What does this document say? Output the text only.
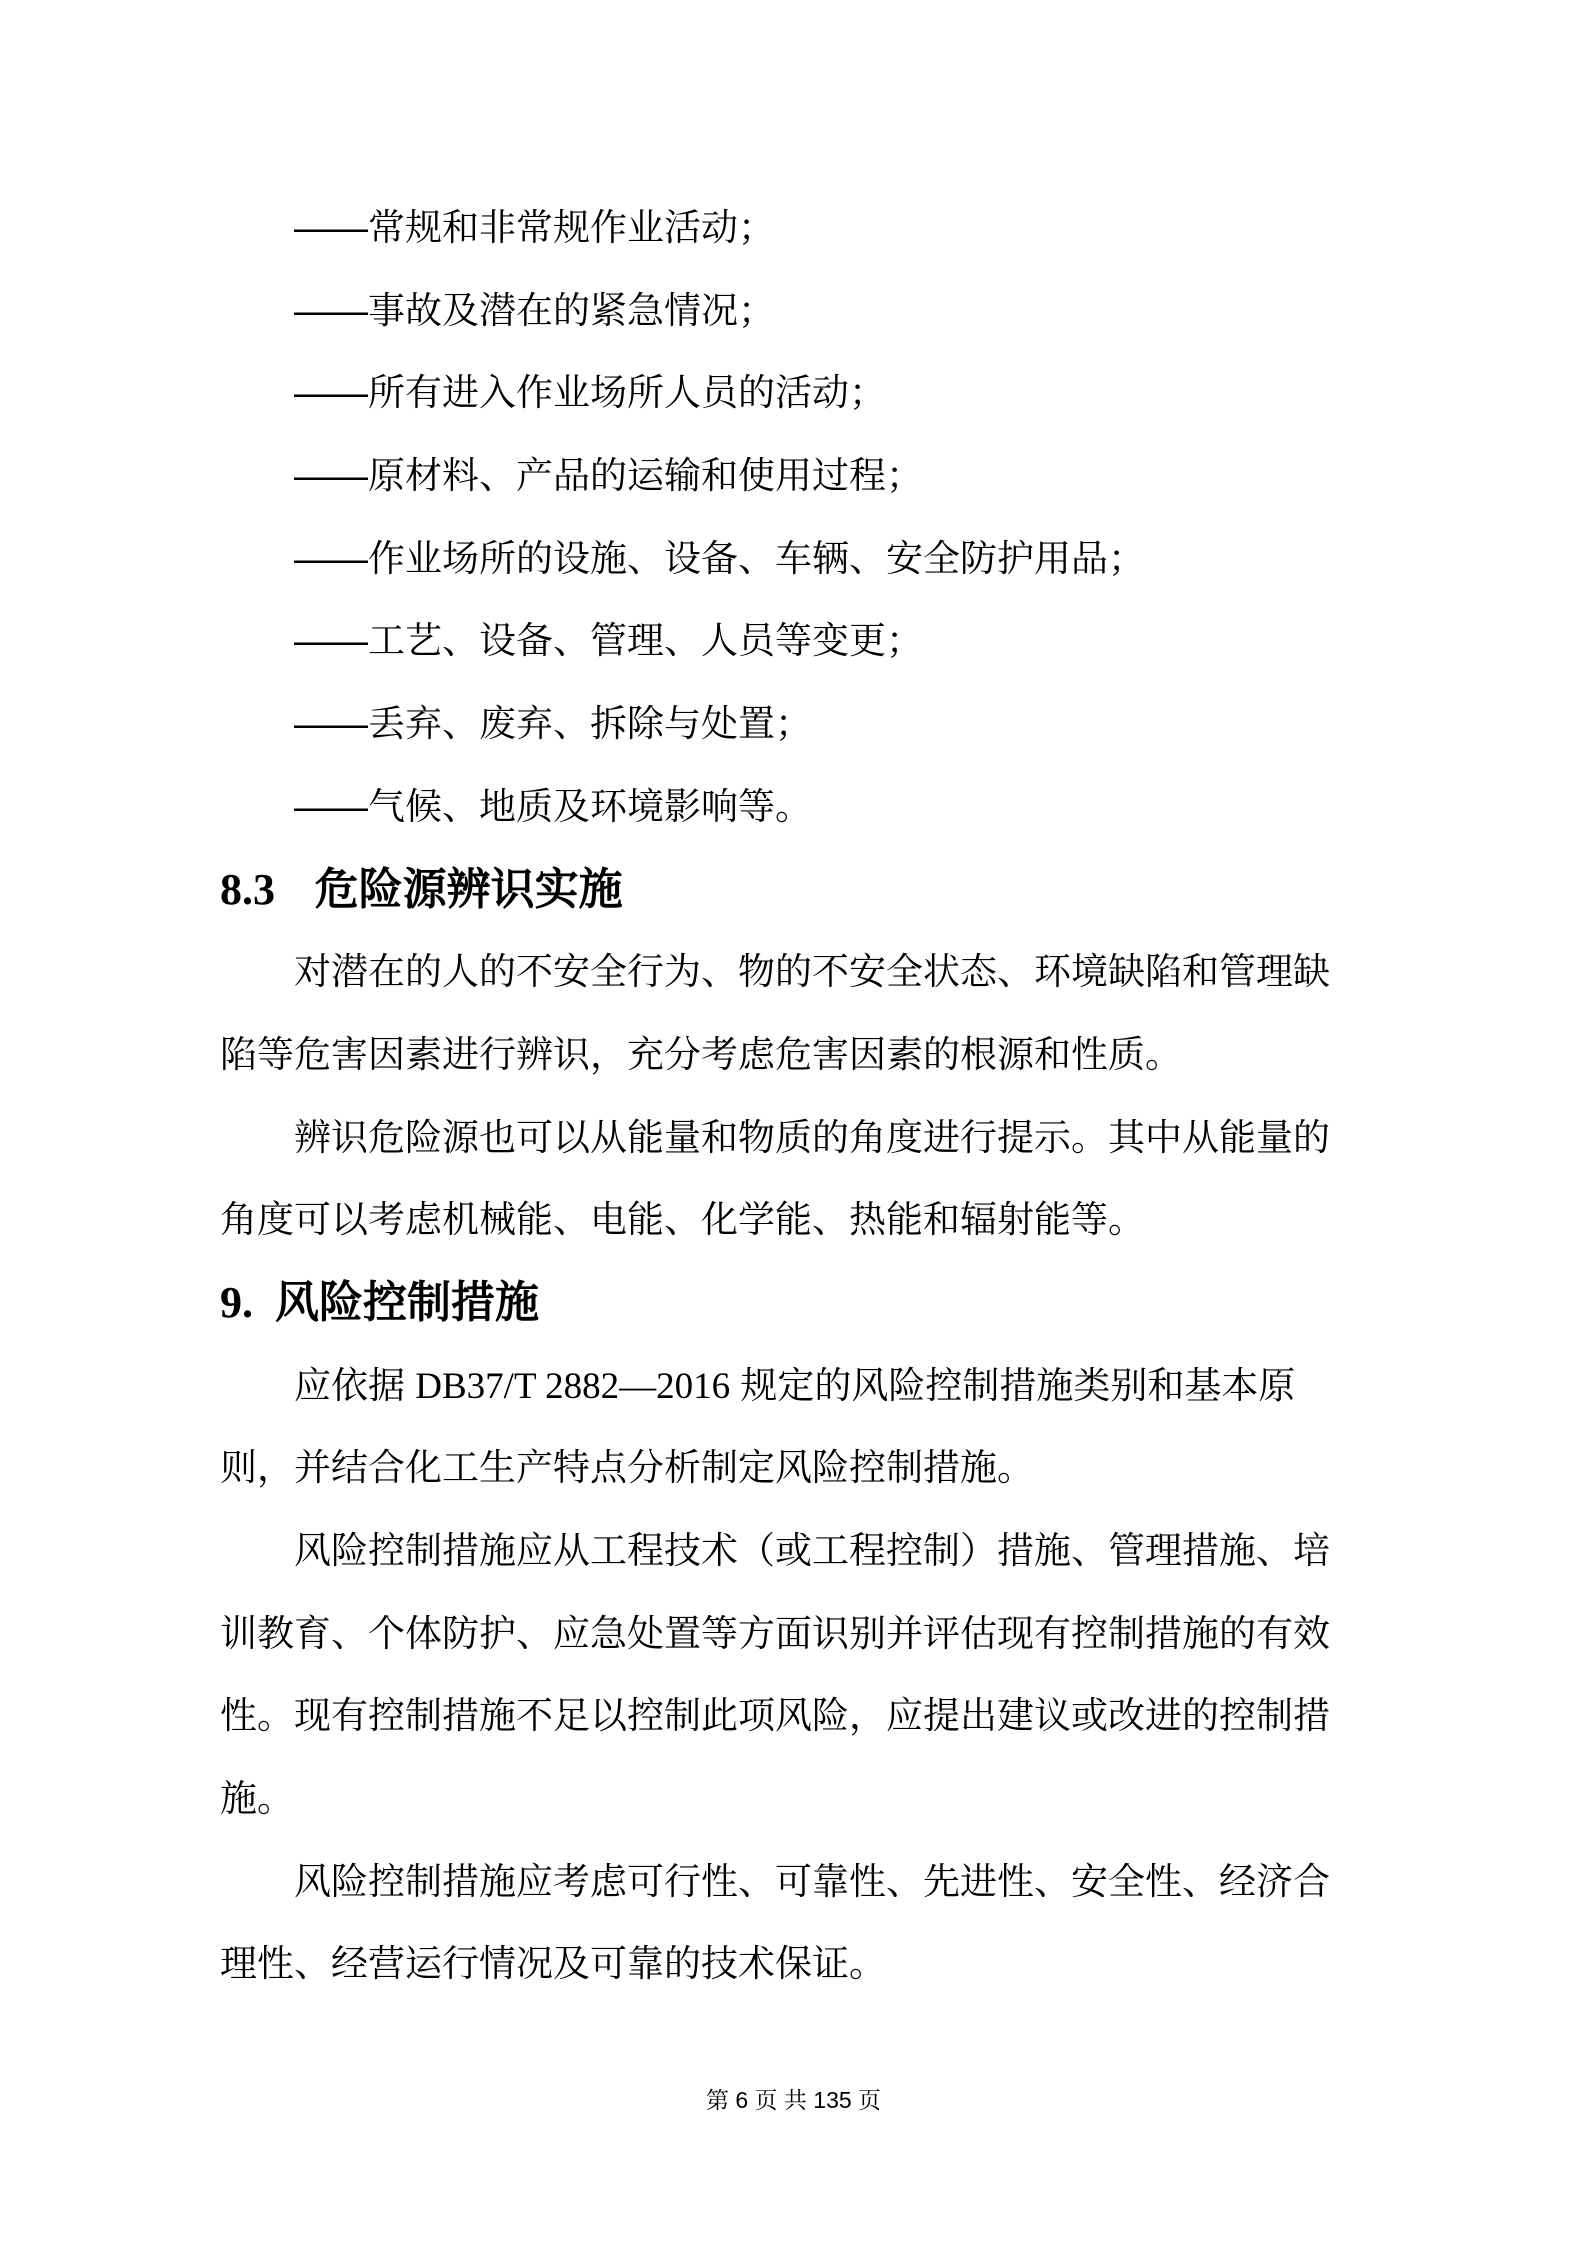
——常规和非常规作业活动；
——事故及潜在的紧急情况；
——所有进入作业场所人员的活动；
——原材料、产品的运输和使用过程；
——作业场所的设施、设备、车辆、安全防护用品；
——工艺、设备、管理、人员等变更；
——丢弃、废弃、拆除与处置；
——气候、地质及环境影响等。
8.3 危险源辨识实施
对潜在的人的不安全行为、物的不安全状态、环境缺陷和管理缺
陷等危害因素进行辨识，充分考虑危害因素的根源和性质。
辨识危险源也可以从能量和物质的角度进行提示。其中从能量的
角度可以考虑机械能、电能、化学能、热能和辐射能等。
9. 风险控制措施
应依据 DB37/T 2882—2016 规定的风险控制措施类别和基本原
则，并结合化工生产特点分析制定风险控制措施。
风险控制措施应从工程技术（或工程控制）措施、管理措施、培
训教育、个体防护、应急处置等方面识别并评估现有控制措施的有效
性。现有控制措施不足以控制此项风险，应提出建议或改进的控制措
施。
风险控制措施应考虑可行性、可靠性、先进性、安全性、经济合
理性、经营运行情况及可靠的技术保证。
第 6 页 共 135 页
